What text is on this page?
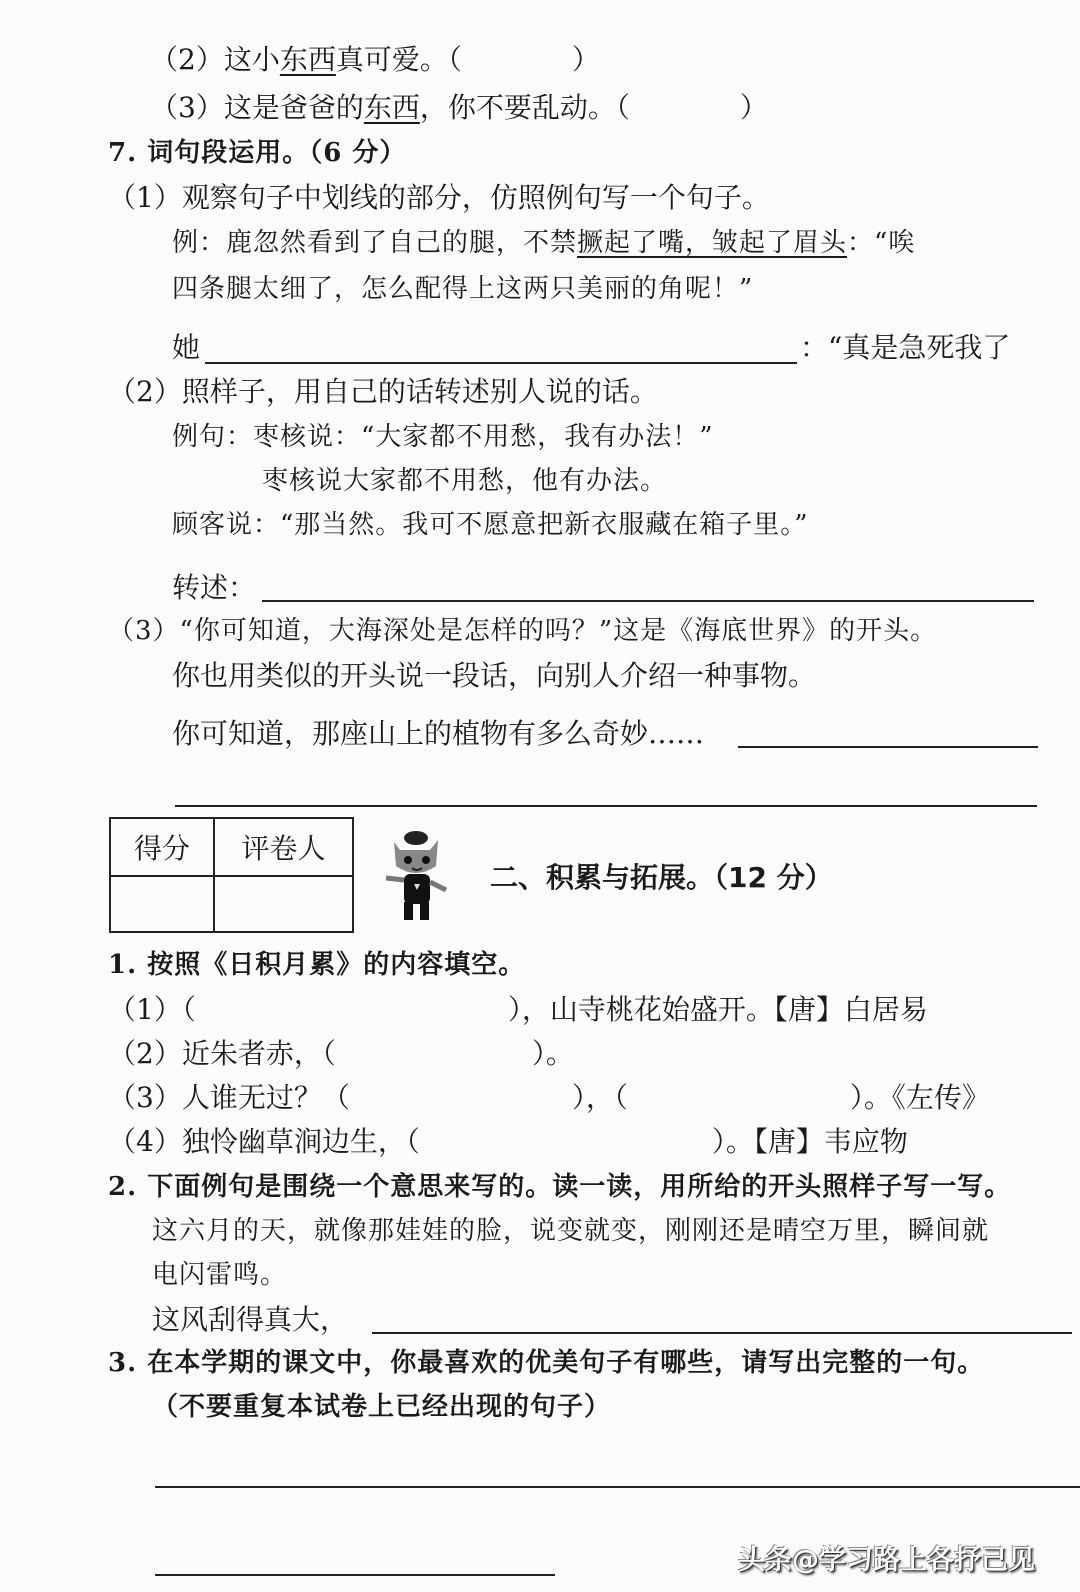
（2）这小东西真可爱。（	）
（3）这是爸爸的东西，你不要乱动。（	）
7. 词句段运用。（6 分）
（1）观察句子中划线的部分，仿照例句写一个句子。
例：鹿忽然看到了自己的腿，不禁撅起了嘴，皱起了眉头：“唉
四条腿太细了，怎么配得上这两只美丽的角呢！”
她	：“真是急死我了
（2）照样子，用自己的话转述别人说的话。
例句：枣核说：“大家都不用愁，我有办法！”
枣核说大家都不用愁，他有办法。
顾客说：“那当然。我可不愿意把新衣服藏在箱子里。”
转述：
（3）“你可知道，大海深处是怎样的吗？”这是《海底世界》的开头。
你也用类似的开头说一段话，向别人介绍一种事物。
你可知道，那座山上的植物有多么奇妙……
得分	评卷人

二、积累与拓展。（12 分）
1. 按照《日积月累》的内容填空。
（1）（	），山寺桃花始盛开。【唐】白居易
（2）近朱者赤，（	）。
（3）人谁无过？（	），（	）。《左传》
（4）独怜幽草涧边生，（	）。【唐】韦应物
2. 下面例句是围绕一个意思来写的。读一读，用所给的开头照样子写一写。
这六月的天，就像那娃娃的脸，说变就变，刚刚还是晴空万里，瞬间就
电闪雷鸣。
这风刮得真大，
3. 在本学期的课文中，你最喜欢的优美句子有哪些，请写出完整的一句。
（不要重复本试卷上已经出现的句子）
头条@学习路上各抒己见
